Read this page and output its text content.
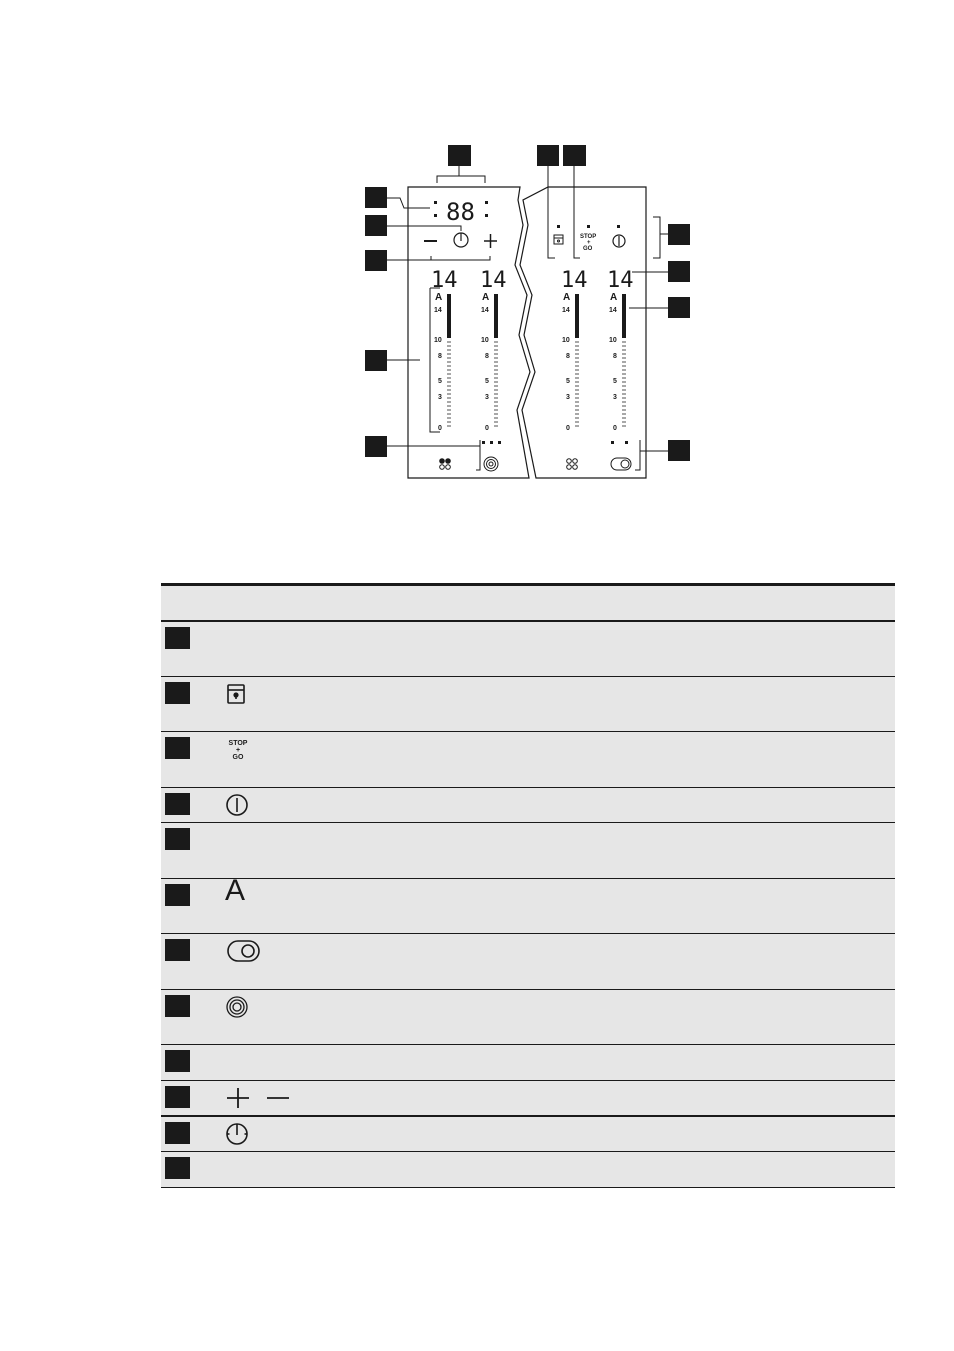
88
STOP
+
GO
14 14 14 14
A
14
10
8
5
3
0
A
14
10
8
5
3
0
A
14
10
8
5
3
0
A
14
10
8
5
3
0
STOP
+
GO
A
